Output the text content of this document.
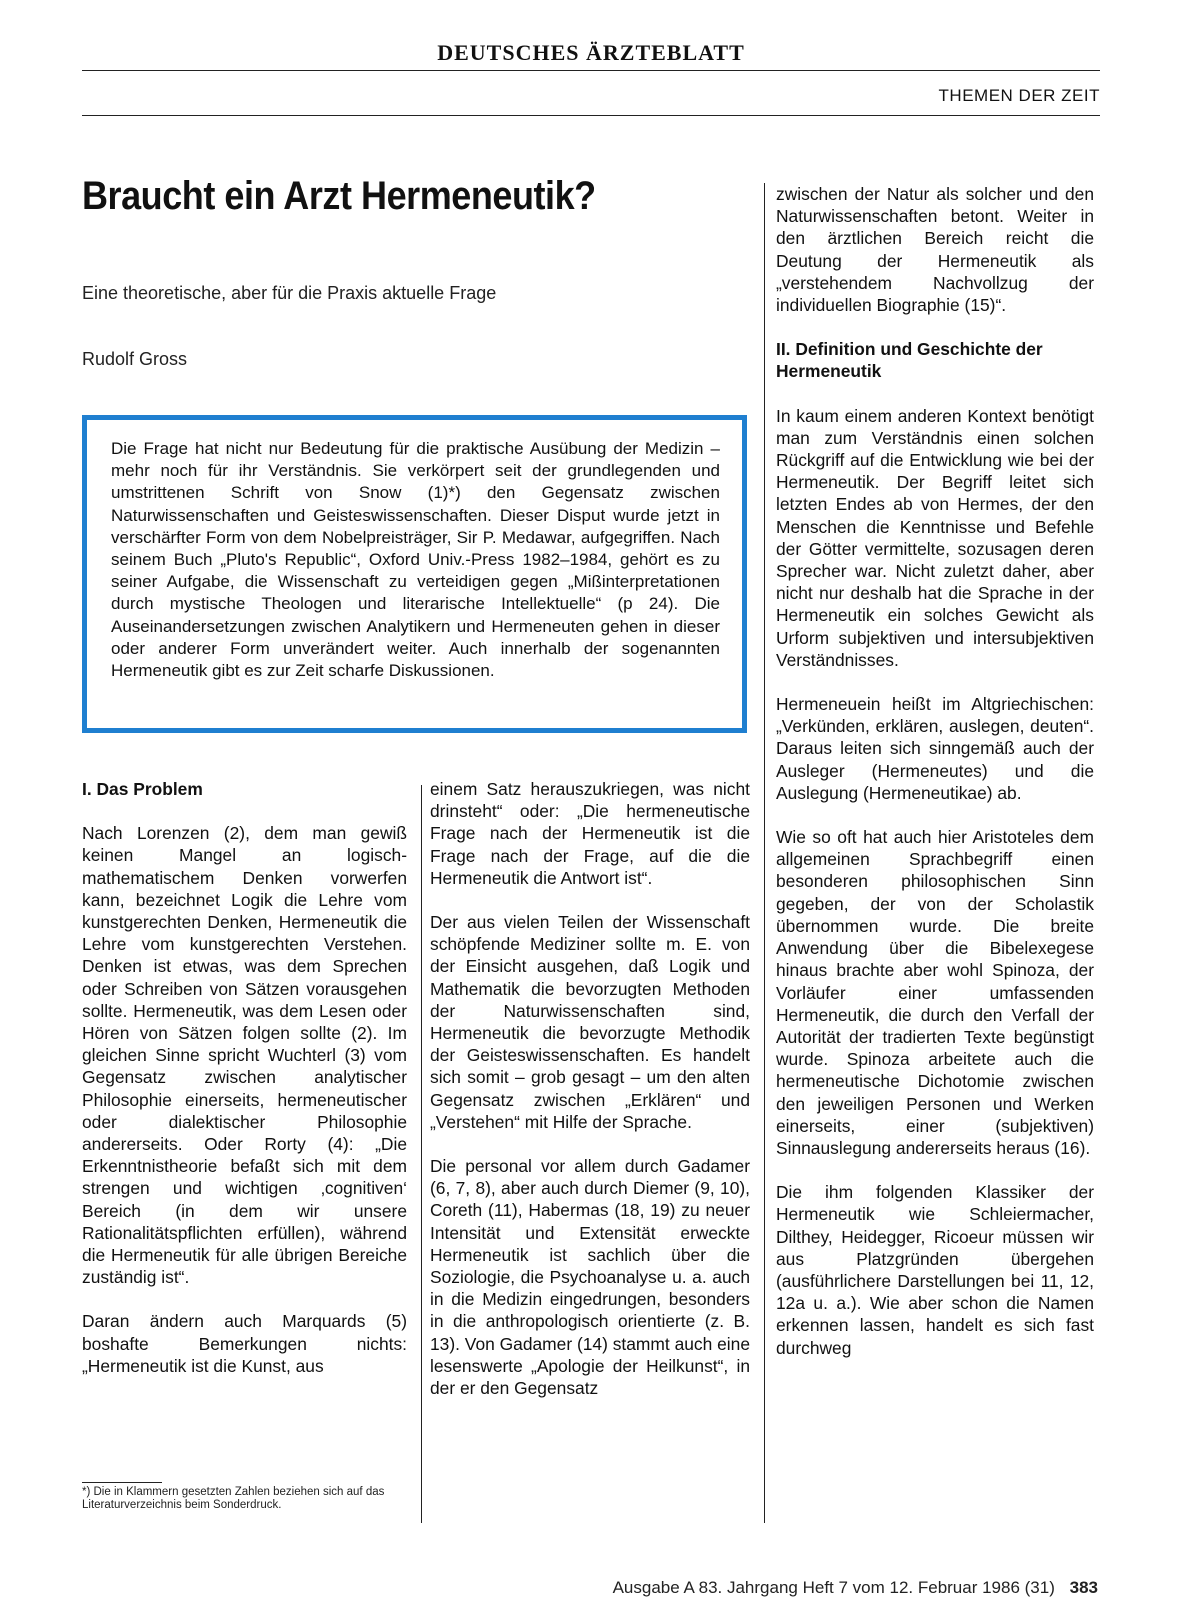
DEUTSCHES ÄRZTEBLATT
THEMEN DER ZEIT
Braucht ein Arzt Hermeneutik?
Eine theoretische, aber für die Praxis aktuelle Frage
Rudolf Gross

Die Frage hat nicht nur Bedeutung für die praktische Ausübung der Medizin – mehr noch für ihr Verständnis. Sie verkörpert seit der grundlegenden und umstrittenen Schrift von Snow (1)*) den Gegensatz zwischen Naturwissenschaften und Geisteswissenschaften. Dieser Disput wurde jetzt in verschärfter Form von dem Nobelpreisträger, Sir P. Medawar, aufgegriffen. Nach seinem Buch „Pluto's Republic“, Oxford Univ.-Press 1982–1984, gehört es zu seiner Aufgabe, die Wissenschaft zu verteidigen gegen „Mißinterpretationen durch mystische Theologen und literarische Intellektuelle“ (p 24). Die Auseinandersetzungen zwischen Analytikern und Hermeneuten gehen in dieser oder anderer Form unverändert weiter. Auch innerhalb der sogenannten Hermeneutik gibt es zur Zeit scharfe Diskussionen.

I. Das Problem

Nach Lorenzen (2), dem man gewiß keinen Mangel an logisch-mathematischem Denken vorwerfen kann, bezeichnet Logik die Lehre vom kunstgerechten Denken, Hermeneutik die Lehre vom kunstgerechten Verstehen. Denken ist etwas, was dem Sprechen oder Schreiben von Sätzen vorausgehen sollte. Hermeneutik, was dem Lesen oder Hören von Sätzen folgen sollte (2). Im gleichen Sinne spricht Wuchterl (3) vom Gegensatz zwischen analytischer Philosophie einerseits, hermeneutischer oder dialektischer Philosophie andererseits. Oder Rorty (4): „Die Erkenntnistheorie befaßt sich mit dem strengen und wichtigen ‚cognitiven‘ Bereich (in dem wir unsere Rationalitätspflichten erfüllen), während die Hermeneutik für alle übrigen Bereiche zuständig ist“.

Daran ändern auch Marquards (5) boshafte Bemerkungen nichts: „Hermeneutik ist die Kunst, aus

einem Satz herauszukriegen, was nicht drinsteht“ oder: „Die hermeneutische Frage nach der Hermeneutik ist die Frage nach der Frage, auf die die Hermeneutik die Antwort ist“.

Der aus vielen Teilen der Wissenschaft schöpfende Mediziner sollte m. E. von der Einsicht ausgehen, daß Logik und Mathematik die bevorzugten Methoden der Naturwissenschaften sind, Hermeneutik die bevorzugte Methodik der Geisteswissenschaften. Es handelt sich somit – grob gesagt – um den alten Gegensatz zwischen „Erklären“ und „Verstehen“ mit Hilfe der Sprache.

Die personal vor allem durch Gadamer (6, 7, 8), aber auch durch Diemer (9, 10), Coreth (11), Habermas (18, 19) zu neuer Intensität und Extensität erweckte Hermeneutik ist sachlich über die Soziologie, die Psychoanalyse u. a. auch in die Medizin eingedrungen, besonders in die anthropologisch orientierte (z. B. 13). Von Gadamer (14) stammt auch eine lesenswerte „Apologie der Heilkunst“, in der er den Gegensatz

zwischen der Natur als solcher und den Naturwissenschaften betont. Weiter in den ärztlichen Bereich reicht die Deutung der Hermeneutik als „verstehendem Nachvollzug der individuellen Biographie (15)“.

II. Definition und Geschichte der Hermeneutik

In kaum einem anderen Kontext benötigt man zum Verständnis einen solchen Rückgriff auf die Entwicklung wie bei der Hermeneutik. Der Begriff leitet sich letzten Endes ab von Hermes, der den Menschen die Kenntnisse und Befehle der Götter vermittelte, sozusagen deren Sprecher war. Nicht zuletzt daher, aber nicht nur deshalb hat die Sprache in der Hermeneutik ein solches Gewicht als Urform subjektiven und intersubjektiven Verständnisses.

Hermeneuein heißt im Altgriechischen: „Verkünden, erklären, auslegen, deuten“. Daraus leiten sich sinngemäß auch der Ausleger (Hermeneutes) und die Auslegung (Hermeneutikae) ab.

Wie so oft hat auch hier Aristoteles dem allgemeinen Sprachbegriff einen besonderen philosophischen Sinn gegeben, der von der Scholastik übernommen wurde. Die breite Anwendung über die Bibelexegese hinaus brachte aber wohl Spinoza, der Vorläufer einer umfassenden Hermeneutik, die durch den Verfall der Autorität der tradierten Texte begünstigt wurde. Spinoza arbeitete auch die hermeneutische Dichotomie zwischen den jeweiligen Personen und Werken einerseits, einer (subjektiven) Sinnauslegung andererseits heraus (16).

Die ihm folgenden Klassiker der Hermeneutik wie Schleiermacher, Dilthey, Heidegger, Ricoeur müssen wir aus Platzgründen übergehen (ausführlichere Darstellungen bei 11, 12, 12a u. a.). Wie aber schon die Namen erkennen lassen, handelt es sich fast durchweg

*) Die in Klammern gesetzten Zahlen beziehen sich auf das Literaturverzeichnis beim Sonderdruck.
Ausgabe A 83. Jahrgang Heft 7 vom 12. Februar 1986 (31) 383
